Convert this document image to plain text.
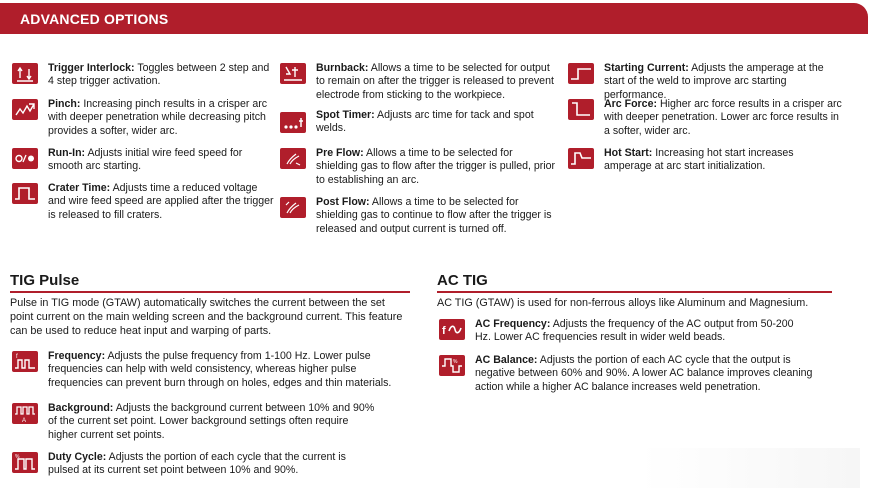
ADVANCED OPTIONS
Trigger Interlock: Toggles between 2 step and 4 step trigger activation.
Pinch: Increasing pinch results in a crisper arc with deeper penetration while decreasing pitch provides a softer, wider arc.
Run-In: Adjusts initial wire feed speed for smooth arc starting.
Crater Time: Adjusts time a reduced voltage and wire feed speed are applied after the trigger is released to fill craters.
Burnback: Allows a time to be selected for output to remain on after the trigger is released to prevent electrode from sticking to the workpiece.
Spot Timer: Adjusts arc time for tack and spot welds.
Pre Flow: Allows a time to be selected for shielding gas to flow after the trigger is pulled, prior to establishing an arc.
Post Flow: Allows a time to be selected for shielding gas to continue to flow after the trigger is released and output current is turned off.
Starting Current: Adjusts the amperage at the start of the weld to improve arc starting performance.
Arc Force: Higher arc force results in a crisper arc with deeper penetration. Lower arc force results in a softer, wider arc.
Hot Start: Increasing hot start increases amperage at arc start initialization.
TIG Pulse
Pulse in TIG mode (GTAW) automatically switches the current between the set point current on the main welding screen and the background current. This feature can be used to reduce heat input and warping of parts.
f	Frequency: Adjusts the pulse frequency from 1-100 Hz. Lower pulse frequencies can help with weld consistency, whereas higher pulse frequencies can prevent burn through on holes, edges and thin materials.
A
Background: Adjusts the background current between 10% and 90% of the current set point. Lower background settings often require higher current set points.
%	Duty Cycle: Adjusts the portion of each cycle that the current is pulsed at its current set point between 10% and 90%.
AC TIG
AC TIG (GTAW) is used for non-ferrous alloys like Aluminum and Magnesium.
f
AC Frequency: Adjusts the frequency of the AC output from 50-200 Hz. Lower AC frequencies result in wider weld beads.
% AC Balance: Adjusts the portion of each AC cycle that the output is negative between 60% and 90%. A lower AC balance improves cleaning action while a higher AC balance increases weld penetration.
